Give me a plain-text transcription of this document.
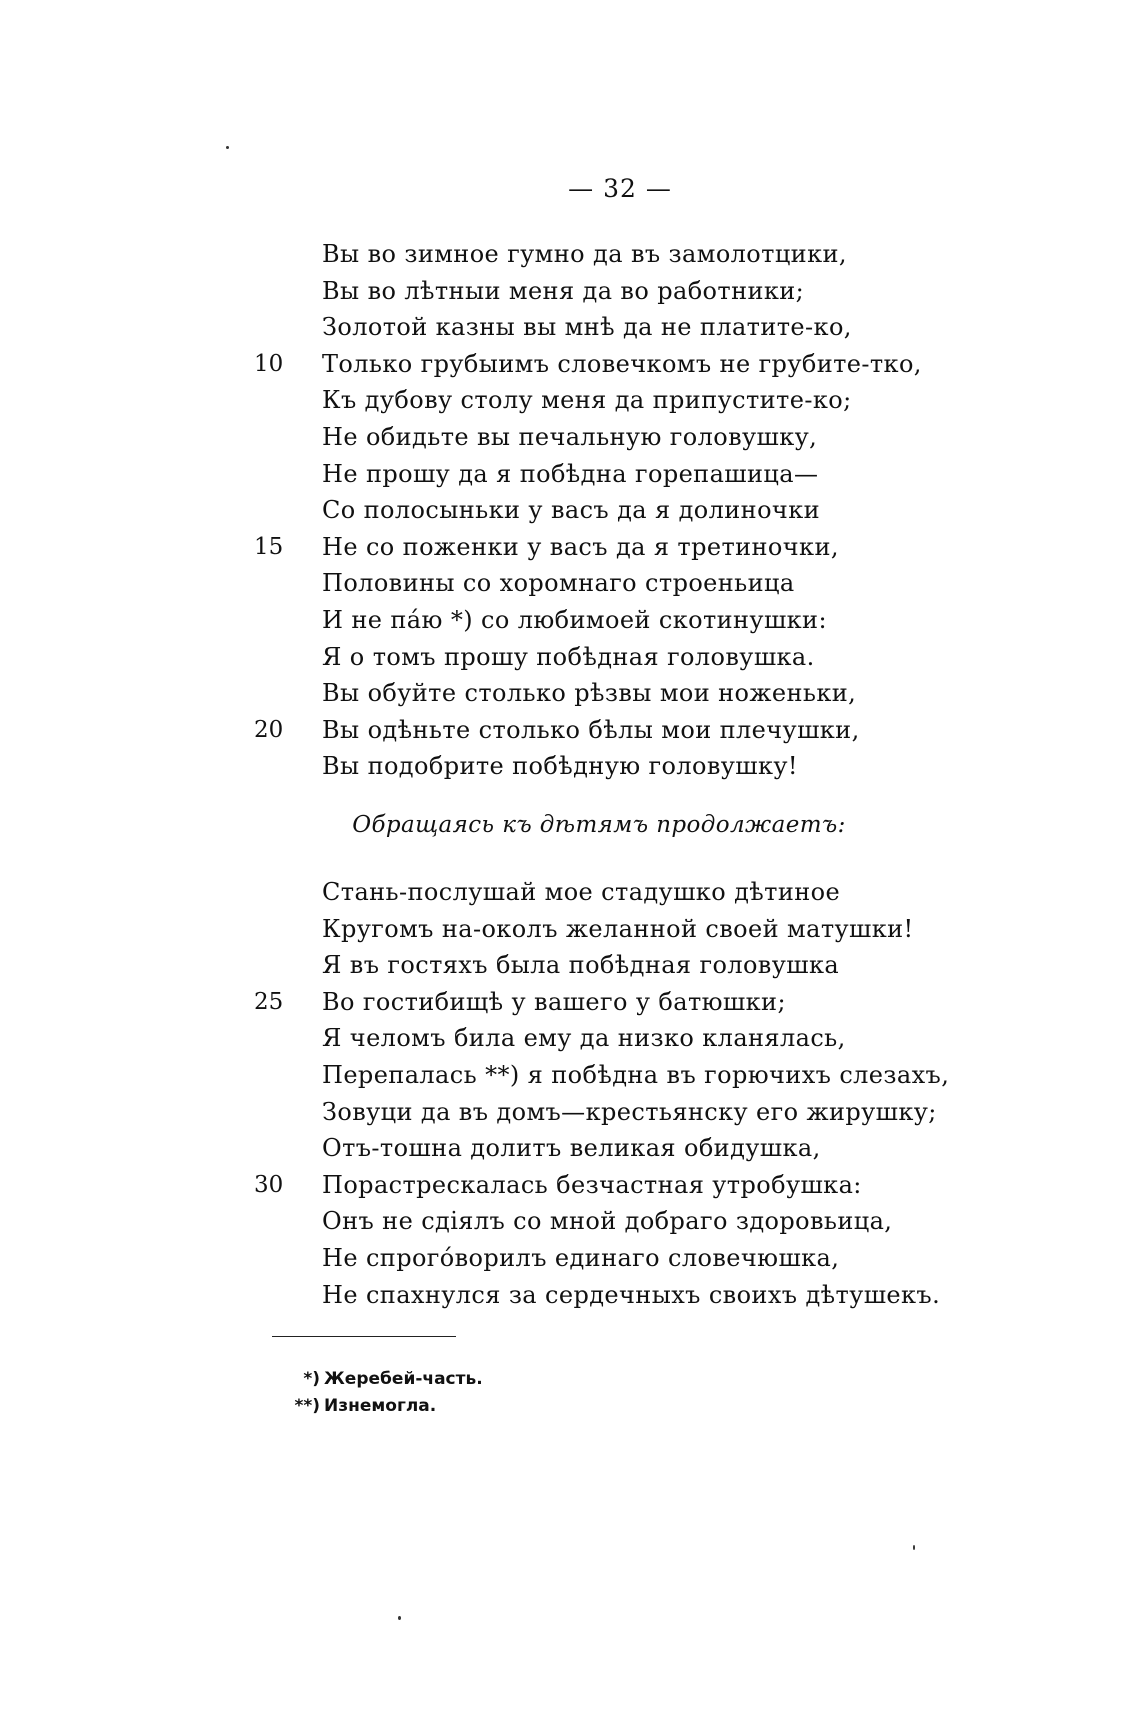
— 32 —
Вы во зимное гумно да въ замолотцики,
Вы во лѣтныи меня да во работники;
Золотой казны вы мнѣ да не платите-ко,
10	Только грубыимъ словечкомъ не грубите-тко,
Къ дубову столу меня да припустите-ко;
Не обидьте вы печальную головушку,
Не прошу да я побѣдна горепашица—
Со полосыньки у васъ да я долиночки
15	Не со поженки у васъ да я третиночки,
Половины со хоромнаго строеньица
И не пáю *) со любимоей скотинушки:
Я о томъ прошу побѣдная головушка.
Вы обуйте столько рѣзвы мои ноженьки,
20	Вы одѣньте столько бѣлы мои плечушки,
Вы подобрите побѣдную головушку!
Обращаясь къ дѣтямъ продолжаетъ:
Стань-послушай мое стадушко дѣтиное
Кругомъ на-околъ желанной своей матушки!
Я въ гостяхъ была побѣдная головушка
25	Во гостибищѣ у вашего у батюшки;
Я челомъ била ему да низко кланялась,
Перепалась **) я побѣдна въ горючихъ слезахъ,
Зовуци да въ домъ—крестьянску его жирушку;
Отъ-тошна долитъ великая обидушка,
30	Порастрескалась безчастная утробушка:
Онъ не сдіялъ со мной добраго здоровьица,
Не спрого́ворилъ единаго словечюшка,
Не спахнулся за сердечныхъ своихъ дѣтушекъ.
*) Жеребей-часть.
**) Изнемогла.
